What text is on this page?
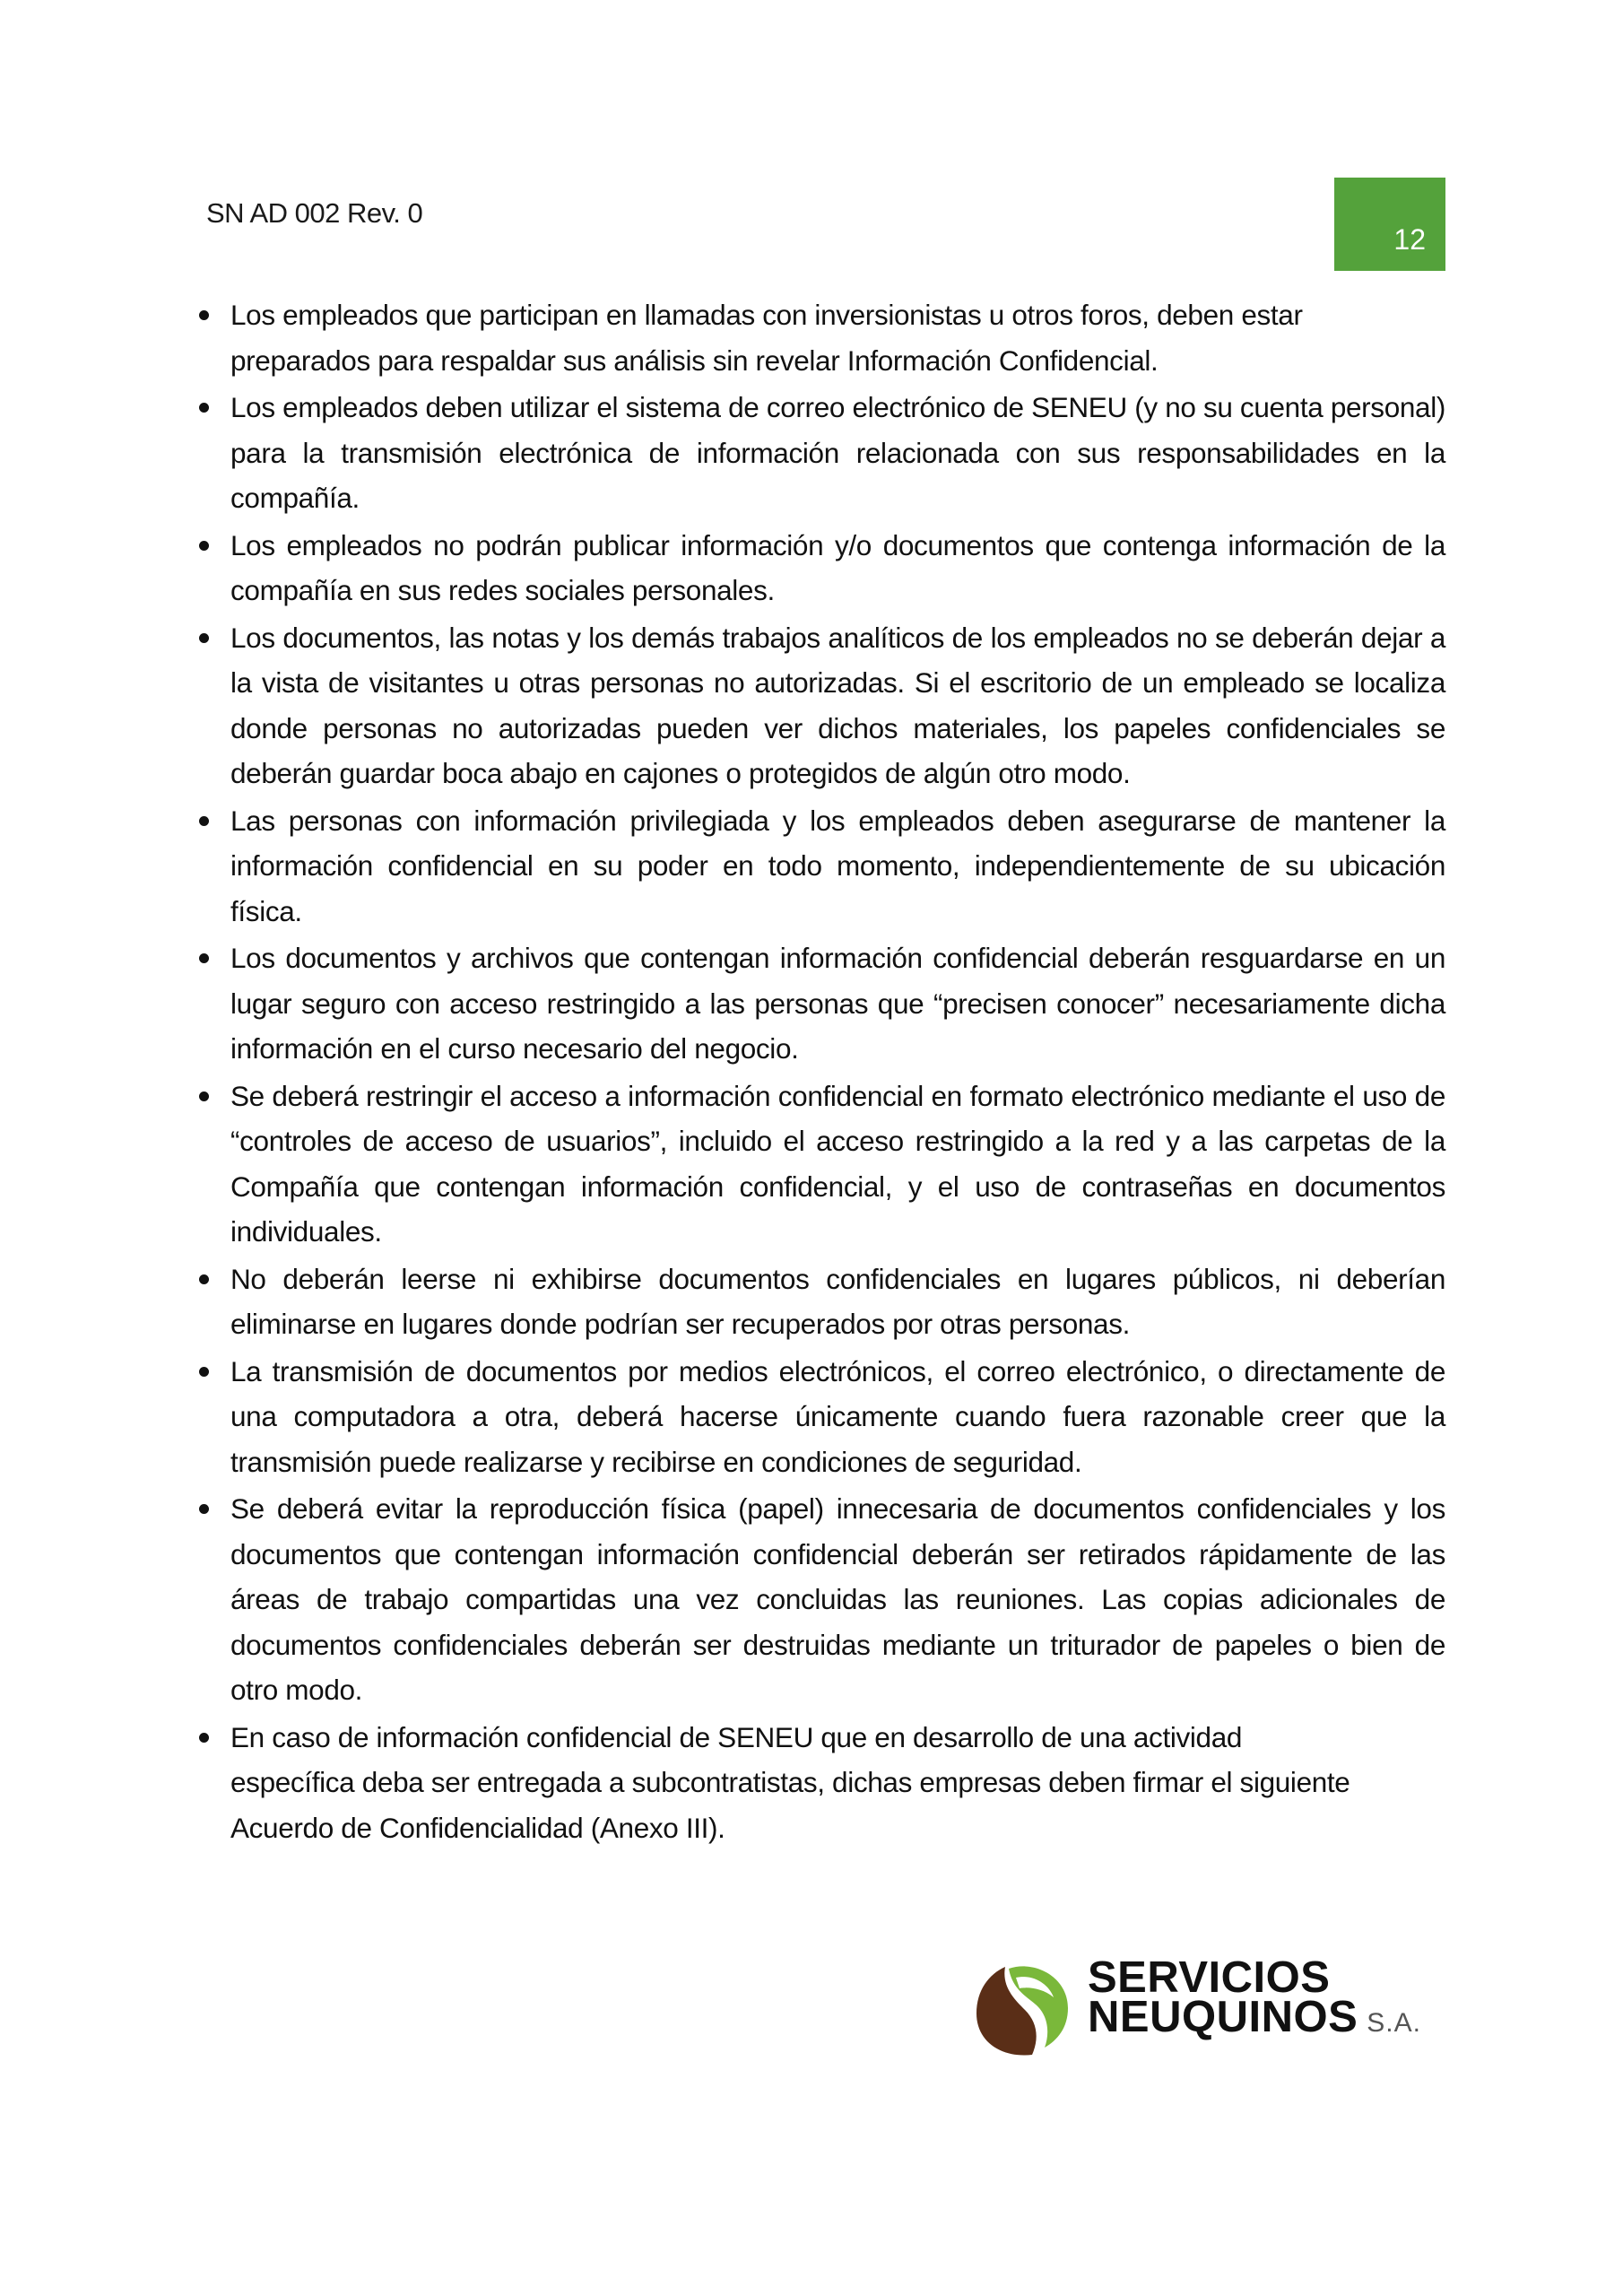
SN AD 002 Rev. 0
12
Los empleados que participan en llamadas con inversionistas u otros foros, deben estar preparados para respaldar sus análisis sin revelar Información Confidencial.
Los empleados deben utilizar el sistema de correo electrónico de SENEU (y no su cuenta personal) para la transmisión electrónica de información relacionada con sus responsabilidades en la compañía.
Los empleados no podrán publicar información y/o documentos que contenga información de la compañía en sus redes sociales personales.
Los documentos, las notas y los demás trabajos analíticos de los empleados no se deberán dejar a la vista de visitantes u otras personas no autorizadas. Si el escritorio de un empleado se localiza donde personas no autorizadas pueden ver dichos materiales, los papeles confidenciales se deberán guardar boca abajo en cajones o protegidos de algún otro modo.
Las personas con información privilegiada y los empleados deben asegurarse de mantener la información confidencial en su poder en todo momento, independientemente de su ubicación física.
Los documentos y archivos que contengan información confidencial deberán resguardarse en un lugar seguro con acceso restringido a las personas que “precisen conocer” necesariamente dicha información en el curso necesario del negocio.
Se deberá restringir el acceso a información confidencial en formato electrónico mediante el uso de “controles de acceso de usuarios”, incluido el acceso restringido a la red y a las carpetas de la Compañía que contengan información confidencial, y el uso de contraseñas en documentos individuales.
No deberán leerse ni exhibirse documentos confidenciales en lugares públicos, ni deberían eliminarse en lugares donde podrían ser recuperados por otras personas.
La transmisión de documentos por medios electrónicos, el correo electrónico, o directamente de una computadora a otra, deberá hacerse únicamente cuando fuera razonable creer que la transmisión puede realizarse y recibirse en condiciones de seguridad.
Se deberá evitar la reproducción física (papel) innecesaria de documentos confidenciales y los documentos que contengan información confidencial deberán ser retirados rápidamente de las áreas de trabajo compartidas una vez concluidas las reuniones. Las copias adicionales de documentos confidenciales deberán ser destruidas mediante un triturador de papeles o bien de otro modo.
En caso de información confidencial de SENEU que en desarrollo de una actividad específica deba ser entregada a subcontratistas, dichas empresas deben firmar el siguiente Acuerdo de Confidencialidad (Anexo III).
SERVICIOS
NEUQUINOS S.A.
